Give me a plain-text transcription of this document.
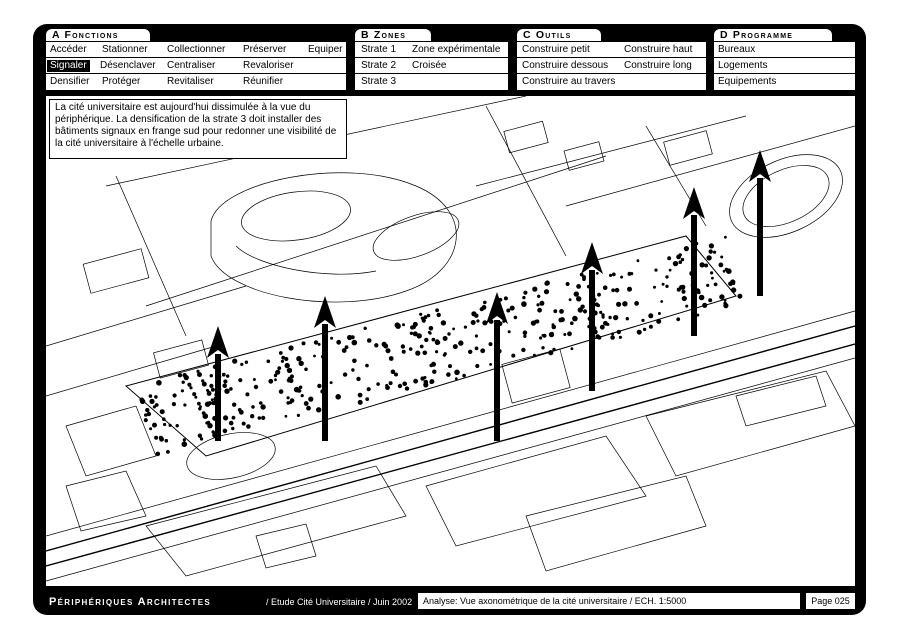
A Fonctions
Accéder Stationner Collectionner Préserver Equiper
Signaler	Désenclaver Centraliser	Revaloriser
Densifier Protéger	Revitaliser	Réunifier
B Zones
Strate 1 Zone expérimentale
Strate 2 Croisée
Strate 3
C Outils
Construire petit	Construire haut
Construire dessous Construire long
Construire au travers
D Programme
Bureaux
Logements
Equipements
La cité universitaire est aujourd'hui dissimulée à la vue du périphérique. La densification de la strate 3 doit installer des bâtiments signaux en frange sud pour redonner une visibilité de la cité universitaire à l'échelle urbaine.
Périphériques Architectes	/ Etude Cité Universitaire / Juin 2002	Analyse: Vue axonométrique de la cité universitaire / ECH. 1:5000	Page 025
